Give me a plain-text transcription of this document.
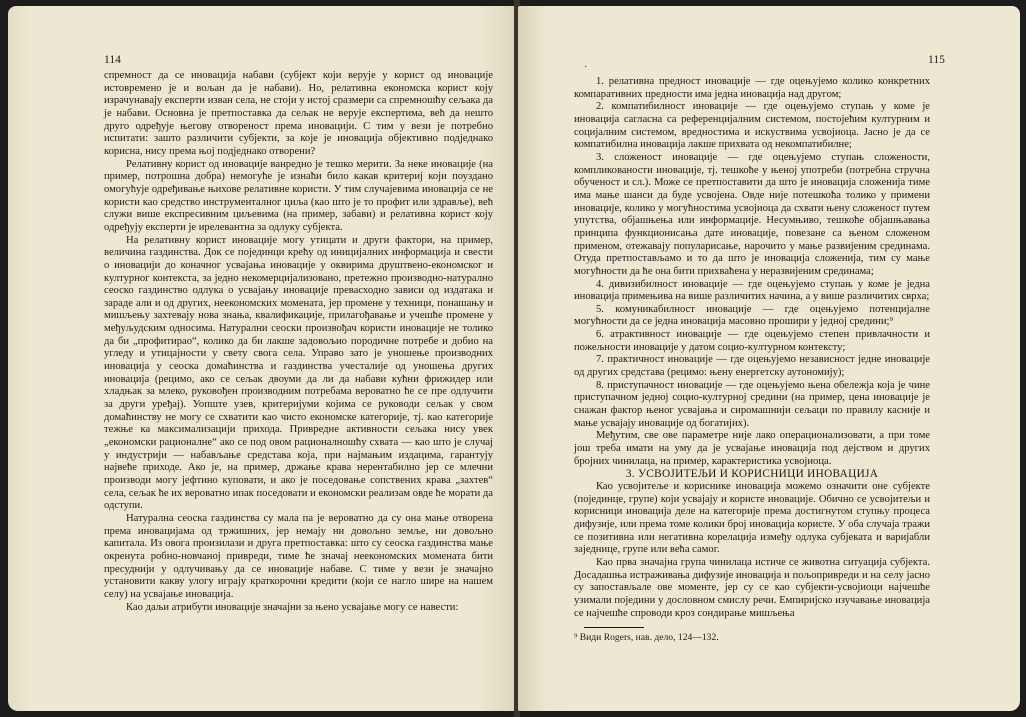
114

спремност да се иновација набави (субјект који верује у корист од иновације истовремено је и вољан да је набави). Но, релативна економска корист коју израчунавају експерти изван села, не стоји у истој сразмери са спремношћу сељака да је набави. Основна је претпоставка да сељак не верује експертима, већ да нешто друго одређује његову отвореност према иновацији. С тим у вези је потребно испитати: зашто различити субјекти, за које је иновација објективно подједнако корисна, нису према њој подједнако отворени?

Релативну корист од иновације ванредно је тешко мерити. За неке иновације (на пример, потрошна добра) немогуће је изнаћи било какав критериј који поуздано омогућује одређивање њихове релативне користи. У тим случајевима иновација се не користи као средство инструменталног циља (као што је то профит или здравље), већ служи више експресивним циљевима (на пример, забави) и релативна корист коју одређују експерти је ирелевантна за одлуку субјекта.

На релативну корист иновације могу утицати и други фактори, на пример, величина газдинства. Док се појединци крећу од иницијалних информација и свести о иновацији до коначног усвајања иновације у оквирима друштвено-економског и културног контекста, за једно некомерцијализовано, претежно производно-натурално сеоско газдинство одлука о усвајању иновације превасходно зависи од издатака и зараде али и од других, неекономских момената, јер промене у техници, понашању и мишљењу захтевају нова знања, квалификације, прилагођавање и учешће промене у међуљудским односима. Натурални сеоски произвођач користи иновације не толико да би „профитирао“, колико да би лакше задовољио породичне потребе и добио на угледу и утицајности у свету свога села. Управо зато је уношење производних иновација у сеоска домаћинства и газдинства учесталије од уношења других иновација (рецимо, ако се сељак двоуми да ли да набави кућни фрижидер или хладњак за млеко, руковођен производним потребама вероватно ће се пре одлучити за други уређај). Уопште узев, критеријуми којима се руководи сељак у свом домаћинству не могу се схватити као чисто економске категорије, тј. као категорије тежње ка максимализацији прихода. Привредне активности сељака нису увек „економски рационалне“ ако се под овом рационалношћу схвата — као што је случај у индустрији — набављање средстава која, при најмањим издацима, гарантују највеће приходе. Ако је, на пример, држање крава нерентабилно јер се млечни производи могу јефтино куповати, и ако је поседовање сопствених крава „захтев“ села, сељак ће их вероватно ипак поседовати и економски реализам овде ће морати да одступи.

Натурална сеоска газдинства су мала па је вероватно да су она мање отворена према иновацијама од тржишних, јер немају ни довољно земље, ни довољно капитала. Из овога произилази и друга претпоставка: што су сеоска газдинства мање окренута робно-новчаној привреди, тиме ће значај неекономских момената бити пресуднији у одлучивању да се иновације набаве. С тиме у вези је значајно установити какву улогу играју краткорочни кредити (који се нагло шире на нашем селу) на усвајање иновација.

Као даљи атрибути иновације значајни за њено усвајање могу се навести:

·
115

1. релативна предност иновације — где оцењујемо колико конкретних компаративних предности има једна иновација над другом;

2. компатибилност иновације — где оцењујемо ступањ у коме је иновација сагласна са референцијалним системом, постојећим културним и социјалним системом, вредностима и искуствима усвојиоца. Јасно је да се компатибилна иновација лакше прихвата од некомпатибилне;

3. сложеност иновације — где оцењујемо ступањ сложености, компликованости иновације, тј. тешкоће у њеној употреби (потребна стручна обученост и сл.). Може се претпоставити да што је иновација сложенија тиме има мање шанси да буде усвојена. Овде није потешкоћа толико у примени иновације, колико у могућностима усвојиоца да схвати њену сложеност путем упутства, објашњења или информације. Несумњиво, тешкоће објашњавања принципа функционисања дате иновације, повезане са њеном сложеном применом, отежавају популарисање, нарочито у мање развијеним срединама. Отуда претпостављамо и то да што је иновација сложенија, тим су мање могућности да ће она бити прихваћена у неразвијеним срединама;

4. дивизибилност иновације — где оцењујемо ступањ у коме је једна иновација примењива на више различитих начина, а у више различитих сврха;

5. комуникабилност иновације — где оцењујемо потенцијалне могућности да се једна иновација масовно прошири у једној средини;⁹

6. атрактивност иновације — где оцењујемо степен привлачности и пожељности иновације у датом социо-културном контексту;

7. практичност иновације — где оцењујемо независност једне иновације од других средстава (рецимо: њену енергетску аутономију);

8. приступачност иновације — где оцењујемо њена обележја која је чине приступачном једној социо-културној средини (на пример, цена иновације је снажан фактор њеног усвајања и сиромашнији сељаци по правилу касније и мање усвајају иновације од богатијих).

Међутим, све ове параметре није лако операционализовати, а при томе још треба имати на уму да је усвајање иновација под дејством и других бројних чинилаца, на пример, карактеристика усвојиоца.

3. УСВОЈИТЕЉИ И КОРИСНИЦИ ИНОВАЦИЈА

Као усвојитеље и кориснике иновација можемо означити оне субјекте (појединце, групе) који усвајају и користе иновације. Обично се усвојитељи и корисници иновација деле на категорије према достигнутом ступњу процеса дифузије, или према томе колики број иновација користе. У оба случаја тражи се позитивна или негативна корелација између одлука субјеката и варијабли заједнице, групе или већа самог.

Као прва значајна група чинилаца истиче се животна ситуација субјекта. Досадашња истраживања дифузије иновација и пољопривреди и на селу јасно су запостављале ове моменте, јер су се као субјекти-усвојиоци најчешће узимали поједини у дословном смислу речи. Емпиријско изучавање иновација се најчешће спроводи кроз сондирање мишљења

⁹ Види Rogers, нав. дело, 124—132.
